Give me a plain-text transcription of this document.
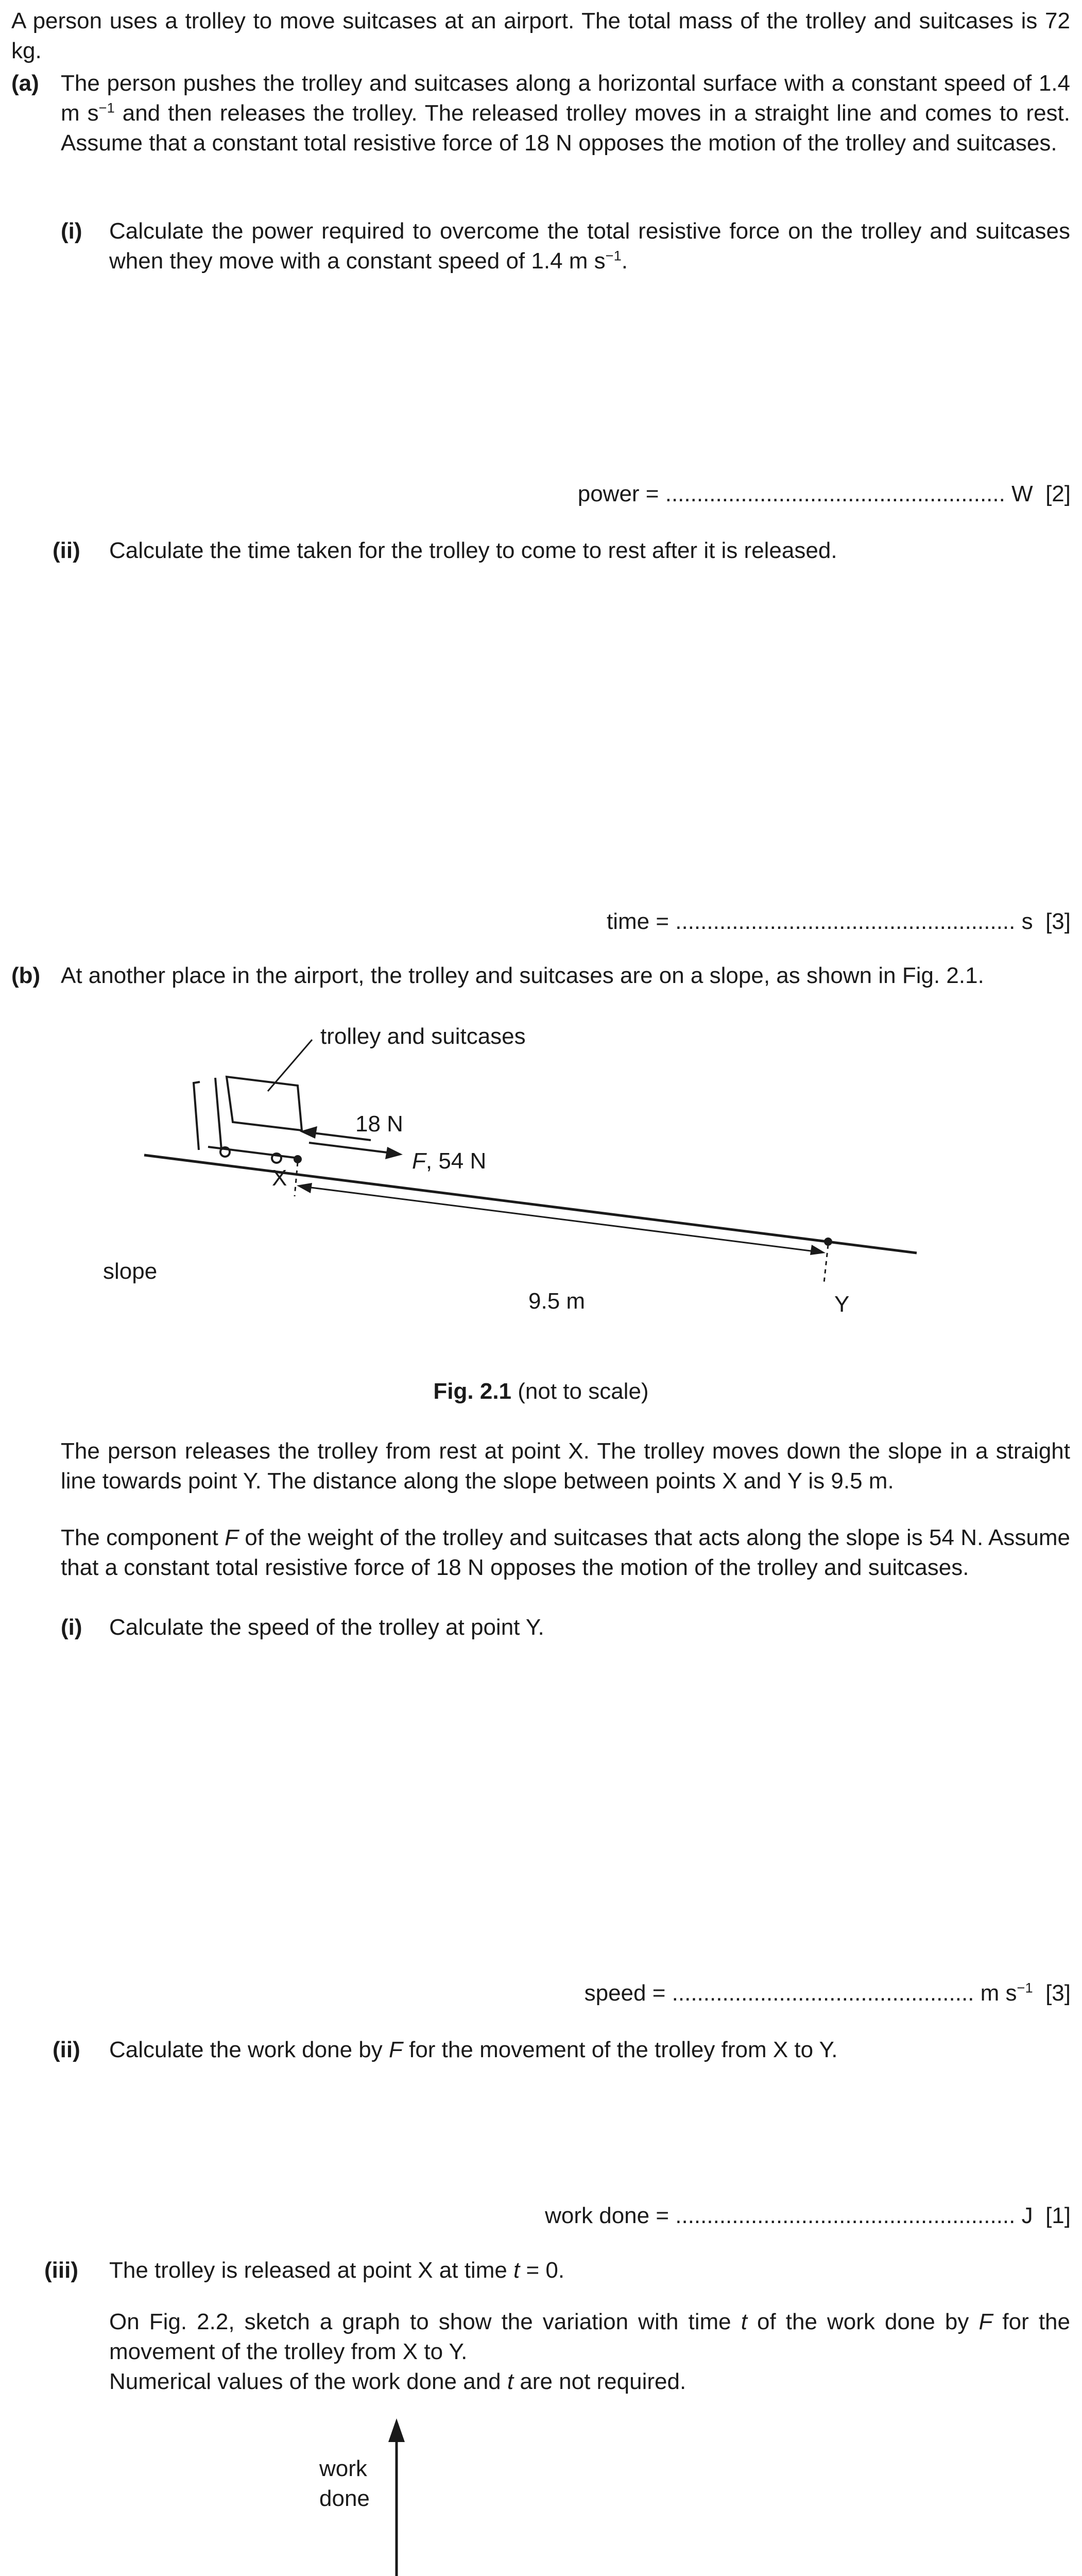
A person uses a trolley to move suitcases at an airport. The total mass of the trolley and suitcases is 72 kg.
(a) The person pushes the trolley and suitcases along a horizontal surface with a constant speed of 1.4 m $s^{-1}$ and then releases the trolley. The released trolley moves in a straight line and comes to rest. Assume that a constant total resistive force of 18 N opposes the motion of the trolley and suitcases.
(i) Calculate the power required to overcome the total resistive force on the trolley and suitcases when they move with a constant speed of 1.4 m $s^{-1}$.
power = ...................................................... W [2]
(ii) Calculate the time taken for the trolley to come to rest after it is released.
time = ...................................................... s [3]
(b) At another place in the airport, the trolley and suitcases are on a slope, as shown in Fig. 2.1.
trolley and suitcases
18 N
F, 54 N
X
slope
9.5 m	Y
Fig. 2.1 (not to scale)
The person releases the trolley from rest at point X. The trolley moves down the slope in a straight line towards point Y. The distance along the slope between points X and Y is 9.5 m.
The component F of the weight of the trolley and suitcases that acts along the slope is 54 N. Assume that a constant total resistive force of 18 N opposes the motion of the trolley and suitcases.
(i) Calculate the speed of the trolley at point Y.
speed = ................................................ m $s^{-1}$ [3]
(ii) Calculate the work done by F for the movement of the trolley from X to Y.
work done = ...................................................... J [1]
(iii) The trolley is released at point X at time t = 0.
On Fig. 2.2, sketch a graph to show the variation with time t of the work done by F for the movement of the trolley from X to Y.
Numerical values of the work done and t are not required.
work
done
